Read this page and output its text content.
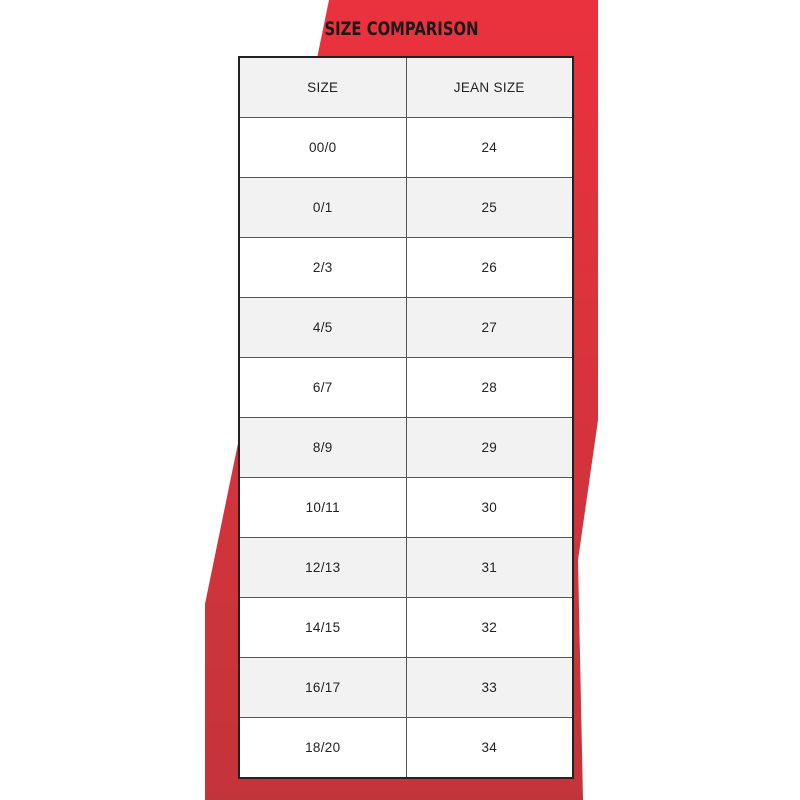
SIZE COMPARISON
SIZE	JEAN SIZE
00/0	24
0/1	25
2/3	26
4/5	27
6/7	28
8/9	29
10/11	30
12/13	31
14/15	32
16/17	33
18/20	34
